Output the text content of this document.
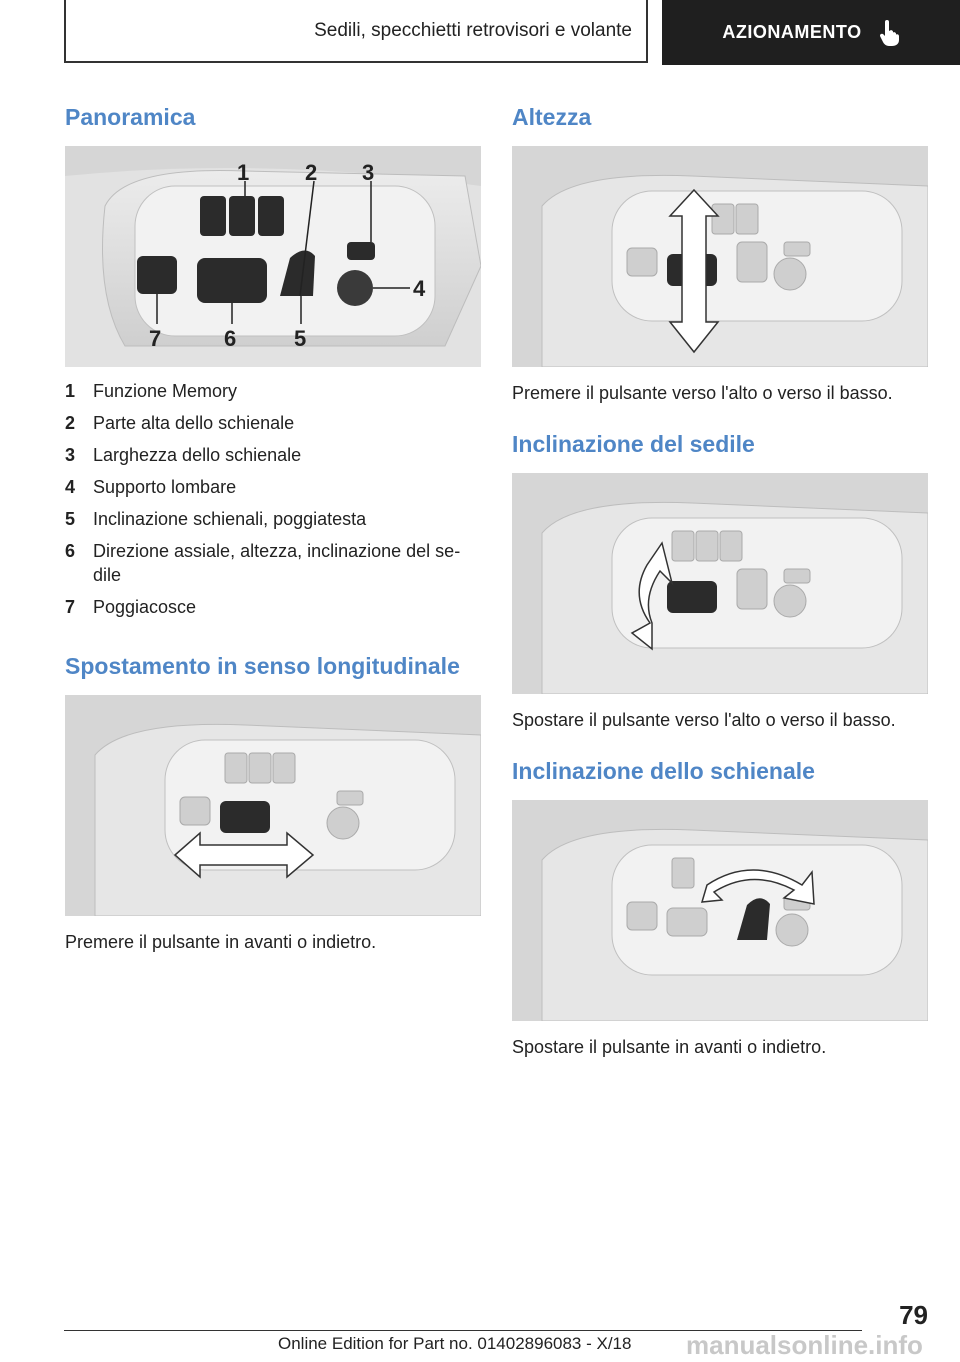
Sedili, specchietti retrovisori e volante	AZIONAMENTO
Panoramica
1	2 3
4
5
6
7
1 Funzione Memory
2 Parte alta dello schienale
3 Larghezza dello schienale
4 Supporto lombare
5 Inclinazione schienali, poggiatesta
6 Direzione assiale, altezza, inclinazione del se-dile
7 Poggiacosce
Spostamento in senso longitudinale
Premere il pulsante in avanti o indietro.
Altezza
Premere il pulsante verso l'alto o verso il basso.
Inclinazione del sedile
Spostare il pulsante verso l'alto o verso il basso.
Inclinazione dello schienale
Spostare il pulsante in avanti o indietro.
79
Online Edition for Part no. 01402896083 - X/18 manualsonline.info
